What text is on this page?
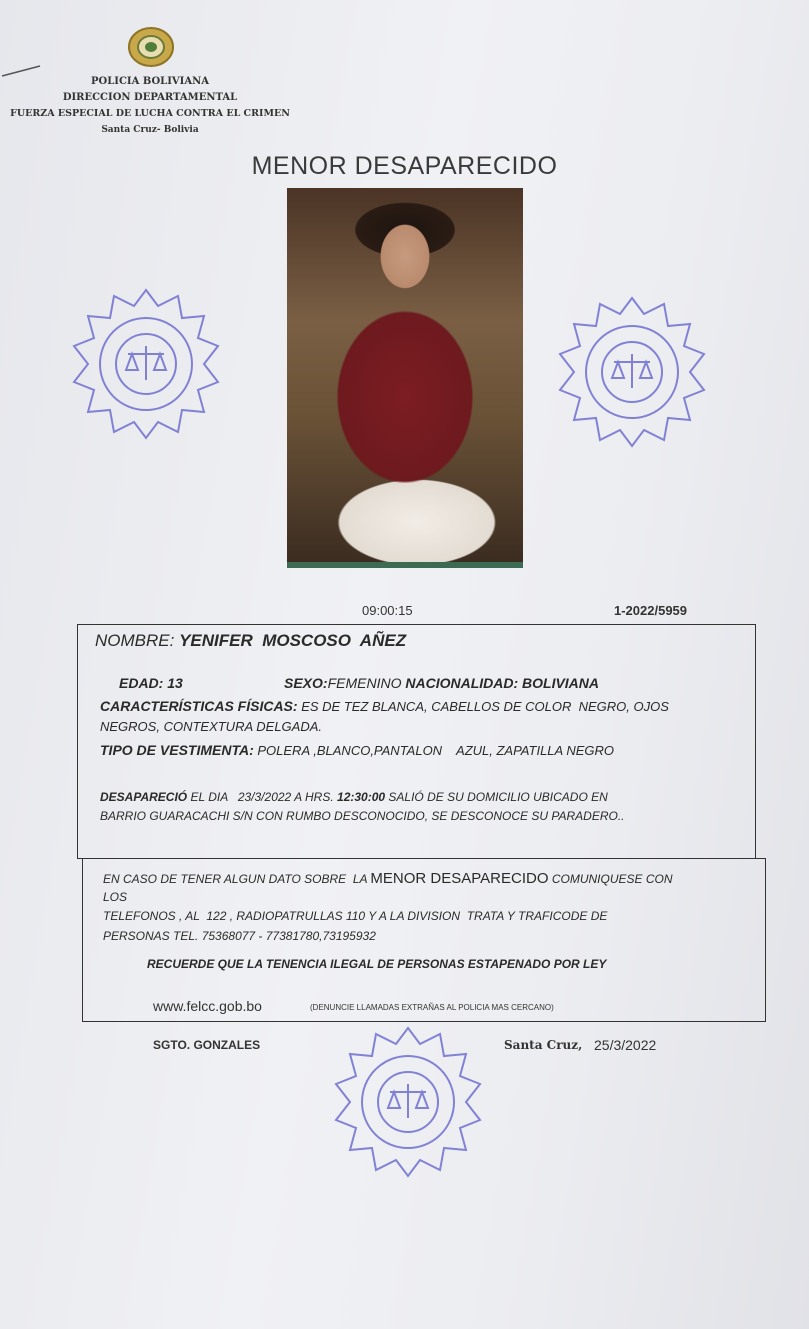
POLICIA BOLIVIANA
DIRECCION DEPARTAMENTAL
FUERZA ESPECIAL DE LUCHA CONTRA EL CRIMEN
Santa Cruz- Bolivia
MENOR DESAPARECIDO
09:00:15	1-2022/5959
NOMBRE: YENIFER  MOSCOSO  AÑEZ
EDAD: 13	SEXO:FEMENINO NACIONALIDAD: BOLIVIANA
CARACTERÍSTICAS FÍSICAS: ES DE TEZ BLANCA, CABELLOS DE COLOR  NEGRO, OJOS
NEGROS, CONTEXTURA DELGADA.
TIPO DE VESTIMENTA: POLERA ,BLANCO,PANTALON    AZUL, ZAPATILLA NEGRO
DESAPARECIÓ EL DIA   23/3/2022 A HRS. 12:30:00 SALIÓ DE SU DOMICILIO UBICADO EN
BARRIO GUARACACHI S/N CON RUMBO DESCONOCIDO, SE DESCONOCE SU PARADERO..
EN CASO DE TENER ALGUN DATO SOBRE  LA MENOR DESAPARECIDO COMUNIQUESE CON
LOS
TELEFONOS , AL  122 , RADIOPATRULLAS 110 Y A LA DIVISION  TRATA Y TRAFICODE DE
PERSONAS TEL. 75368077 - 77381780,73195932
RECUERDE QUE LA TENENCIA ILEGAL DE PERSONAS ESTAPENADO POR LEY
www.felcc.gob.bo	(DENUNCIE LLAMADAS EXTRAÑAS AL POLICIA MAS CERCANO)
SGTO. GONZALES	Santa Cruz, 25/3/2022
